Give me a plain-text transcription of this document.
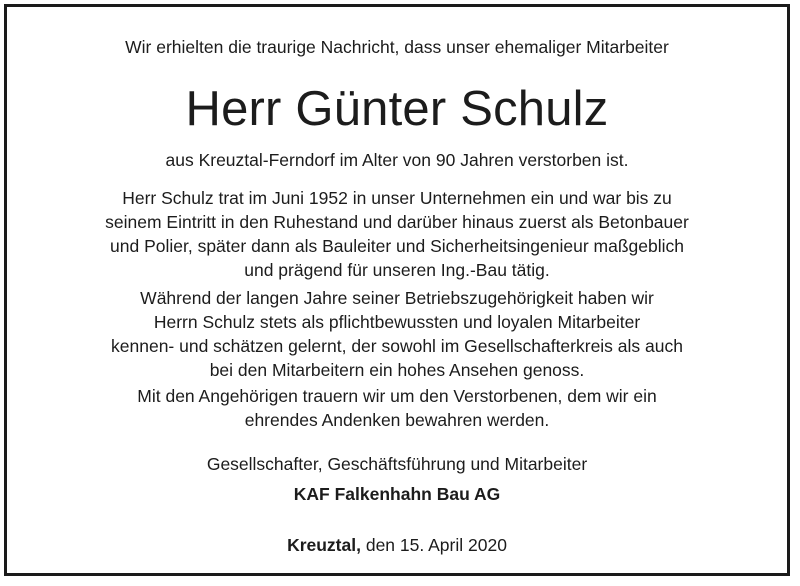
Wir erhielten die traurige Nachricht, dass unser ehemaliger Mitarbeiter
Herr Günter Schulz
aus Kreuztal-Ferndorf im Alter von 90 Jahren verstorben ist.
Herr Schulz trat im Juni 1952 in unser Unternehmen ein und war bis zu
seinem Eintritt in den Ruhestand und darüber hinaus zuerst als Betonbauer
und Polier, später dann als Bauleiter und Sicherheitsingenieur maßgeblich
und prägend für unseren Ing.-Bau tätig.
Während der langen Jahre seiner Betriebszugehörigkeit haben wir
Herrn Schulz stets als pflichtbewussten und loyalen Mitarbeiter
kennen- und schätzen gelernt, der sowohl im Gesellschafterkreis als auch
bei den Mitarbeitern ein hohes Ansehen genoss.
Mit den Angehörigen trauern wir um den Verstorbenen, dem wir ein
ehrendes Andenken bewahren werden.
Gesellschafter, Geschäftsführung und Mitarbeiter
KAF Falkenhahn Bau AG
Kreuztal, den 15. April 2020
